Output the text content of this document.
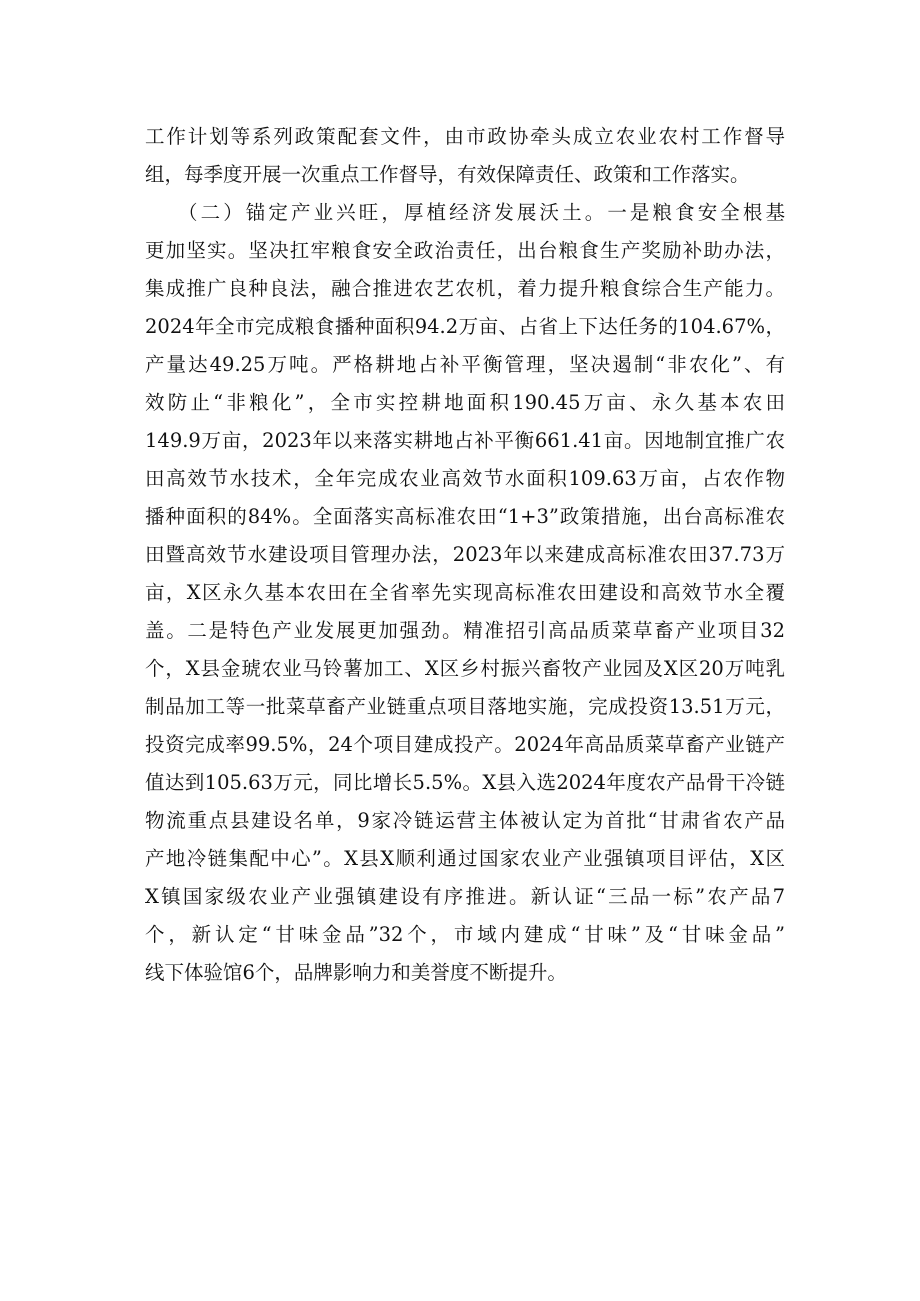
工作计划等系列政策配套文件，由市政协牵头成立农业农村工作督导
组，每季度开展一次重点工作督导，有效保障责任、政策和工作落实。
（二）锚定产业兴旺，厚植经济发展沃土。一是粮食安全根基
更加坚实。坚决扛牢粮食安全政治责任，出台粮食生产奖励补助办法，
集成推广良种良法，融合推进农艺农机，着力提升粮食综合生产能力。
2024年全市完成粮食播种面积94.2万亩、占省上下达任务的104.67%，
产量达49.25万吨。严格耕地占补平衡管理，坚决遏制“非农化”、有
效防止“非粮化”，全市实控耕地面积190.45万亩、永久基本农田
149.9万亩，2023年以来落实耕地占补平衡661.41亩。因地制宜推广农
田高效节水技术，全年完成农业高效节水面积109.63万亩，占农作物
播种面积的84%。全面落实高标准农田“1+3”政策措施，出台高标准农
田暨高效节水建设项目管理办法，2023年以来建成高标准农田37.73万
亩，X区永久基本农田在全省率先实现高标准农田建设和高效节水全覆
盖。二是特色产业发展更加强劲。精准招引高品质菜草畜产业项目32
个，X县金琥农业马铃薯加工、X区乡村振兴畜牧产业园及X区20万吨乳
制品加工等一批菜草畜产业链重点项目落地实施，完成投资13.51万元，
投资完成率99.5%，24个项目建成投产。2024年高品质菜草畜产业链产
值达到105.63万元，同比增长5.5%。X县入选2024年度农产品骨干冷链
物流重点县建设名单，9家冷链运营主体被认定为首批“甘肃省农产品
产地冷链集配中心”。X县X顺利通过国家农业产业强镇项目评估，X区
X镇国家级农业产业强镇建设有序推进。新认证“三品一标”农产品7
个，新认定“甘味金品”32个，市域内建成“甘味”及“甘味金品”
线下体验馆6个，品牌影响力和美誉度不断提升。
